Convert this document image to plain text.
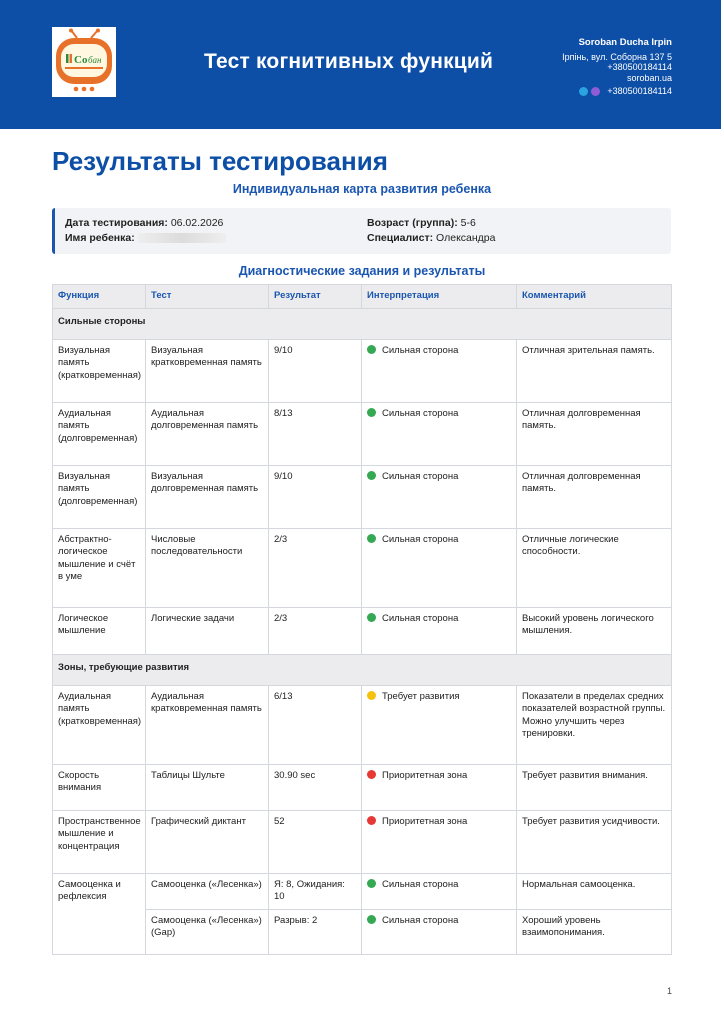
Со бан	Тест когнитивных функций
Soroban Ducha Irpin
Ірпінь, вул. Соборна 137 5
+380500184114
soroban.ua
+380500184114
Результаты тестирования
Индивидуальная карта развития ребенка
Дата тестирования: 06.02.2026
Имя ребенка:
Возраст (группа): 5-6
Специалист: Олександра
Диагностические задания и результаты
Функция	Тест	Результат	Интерпретация	Комментарий
Сильные стороны				
Визуальная память (кратковременная)	Визуальная кратковременная память	9/10	Сильная сторона	Отличная зрительная память.
Аудиальная память (долговременная)	Аудиальная долговременная память	8/13	Сильная сторона	Отличная долговременная память.
Визуальная память (долговременная)	Визуальная долговременная память	9/10	Сильная сторона	Отличная долговременная память.
Абстрактно-логическое мышление и счёт в уме	Числовые последовательности	2/3	Сильная сторона	Отличные логические способности.
Логическое мышление	Логические задачи	2/3	Сильная сторона	Высокий уровень логического мышления.
Зоны, требующие развития				
Аудиальная память (кратковременная)	Аудиальная кратковременная память	6/13	Требует развития	Показатели в пределах средних показателей возрастной группы. Можно улучшить через тренировки.
Скорость внимания	Таблицы Шульте	30.90 sec	Приоритетная зона	Требует развития внимания.
Пространственное мышление и концентрация	Графический диктант	52	Приоритетная зона	Требует развития усидчивости.
Самооценка и рефлексия	Самооценка («Лесенка»)	Я: 8, Ожидания: 10	Сильная сторона	Нормальная самооценка.
	Самооценка («Лесенка») (Gap)	Разрыв: 2	Сильная сторона	Хороший уровень взаимопонимания.
1
